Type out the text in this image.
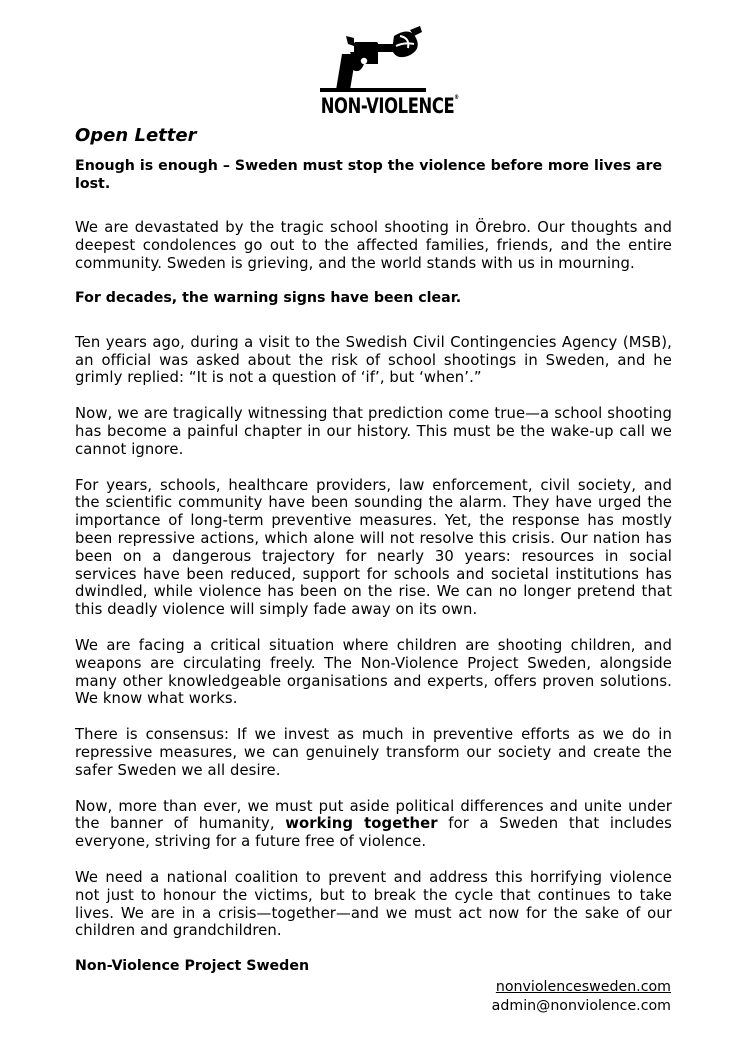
NON-VIOLENCE®
Open Letter
Enough is enough – Sweden must stop the violence before more lives are lost.

We are devastated by the tragic school shooting in Örebro. Our thoughts and deepest condolences go out to the affected families, friends, and the entire community. Sweden is grieving, and the world stands with us in mourning.

For decades, the warning signs have been clear.

Ten years ago, during a visit to the Swedish Civil Contingencies Agency (MSB), an official was asked about the risk of school shootings in Sweden, and he grimly replied: “It is not a question of ‘if’, but ‘when’.”

Now, we are tragically witnessing that prediction come true—a school shooting has become a painful chapter in our history. This must be the wake-up call we cannot ignore.

For years, schools, healthcare providers, law enforcement, civil society, and the scientific community have been sounding the alarm. They have urged the importance of long-term preventive measures. Yet, the response has mostly been repressive actions, which alone will not resolve this crisis. Our nation has been on a dangerous trajectory for nearly 30 years: resources in social services have been reduced, support for schools and societal institutions has dwindled, while violence has been on the rise. We can no longer pretend that this deadly violence will simply fade away on its own.

We are facing a critical situation where children are shooting children, and weapons are circulating freely. The Non-Violence Project Sweden, alongside many other knowledgeable organisations and experts, offers proven solutions. We know what works.

There is consensus: If we invest as much in preventive efforts as we do in repressive measures, we can genuinely transform our society and create the safer Sweden we all desire.

Now, more than ever, we must put aside political differences and unite under the banner of humanity, working together for a Sweden that includes everyone, striving for a future free of violence.

We need a national coalition to prevent and address this horrifying violence not just to honour the victims, but to break the cycle that continues to take lives. We are in a crisis—together—and we must act now for the sake of our children and grandchildren.

Non-Violence Project Sweden
nonviolencesweden.com
admin@nonviolence.com
